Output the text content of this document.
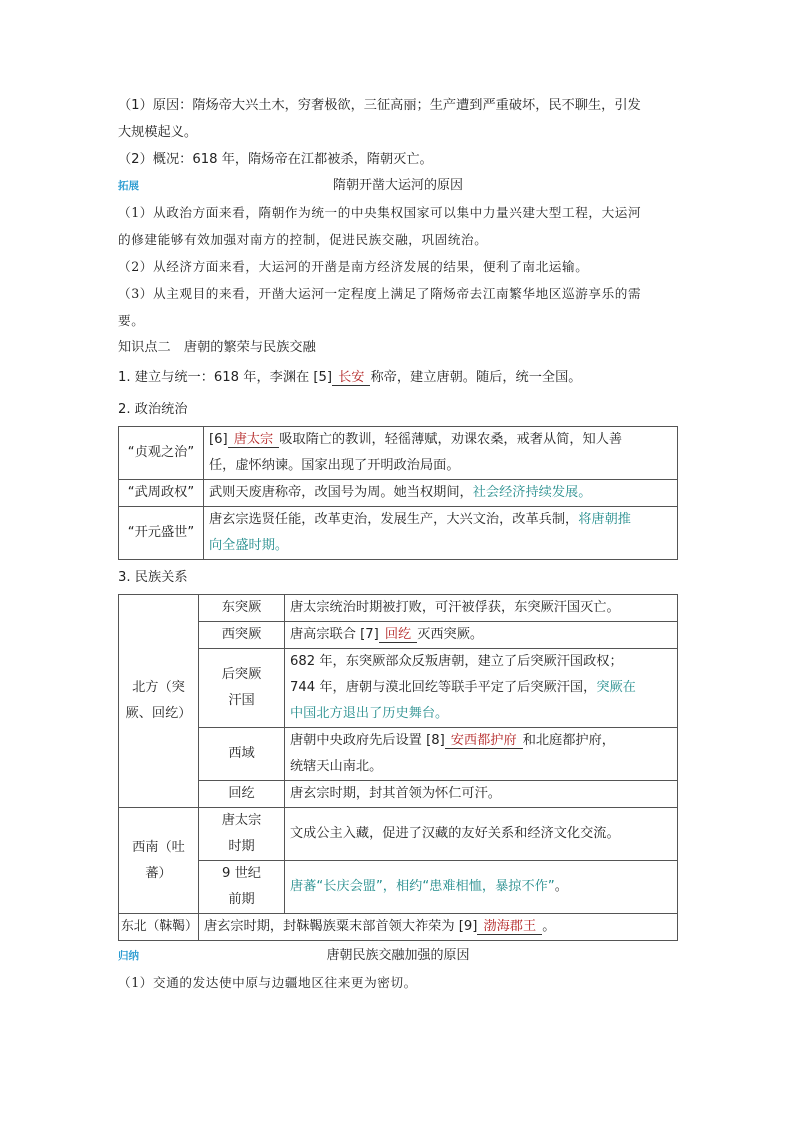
（1）原因：隋炀帝大兴土木，穷奢极欲，三征高丽；生产遭到严重破坏，民不聊生，引发

大规模起义。

（2）概况：618 年，隋炀帝在江都被杀，隋朝灭亡。

拓展	隋朝开凿大运河的原因

（1）从政治方面来看，隋朝作为统一的中央集权国家可以集中力量兴建大型工程，大运河

的修建能够有效加强对南方的控制，促进民族交融，巩固统治。

（2）从经济方面来看，大运河的开凿是南方经济发展的结果，便利了南北运输。

（3）从主观目的来看，开凿大运河一定程度上满足了隋炀帝去江南繁华地区巡游享乐的需

要。

知识点二　唐朝的繁荣与民族交融

1. 建立与统一：618 年，李渊在 [5] 长安 称帝，建立唐朝。随后，统一全国。

2. 政治统治

“贞观之治”	[6] 唐太宗 吸取隋亡的教训，轻徭薄赋，劝课农桑，戒奢从简，知人善
任，虚怀纳谏。国家出现了开明政治局面。
“武周政权”	武则天废唐称帝，改国号为周。她当权期间，社会经济持续发展。
“开元盛世”	唐玄宗选贤任能，改革吏治，发展生产，大兴文治，改革兵制，将唐朝推
向全盛时期。

3. 民族关系

北方（突
厥、回纥）	东突厥	唐太宗统治时期被打败，可汗被俘获，东突厥汗国灭亡。
	西突厥	唐高宗联合 [7] 回纥 灭西突厥。
	后突厥
汗国	682 年，东突厥部众反叛唐朝，建立了后突厥汗国政权；
744 年，唐朝与漠北回纥等联手平定了后突厥汗国，突厥在
中国北方退出了历史舞台。
	西域	唐朝中央政府先后设置 [8] 安西都护府 和北庭都护府，
统辖天山南北。
	回纥	唐玄宗时期，封其首领为怀仁可汗。
西南（吐
蕃）	唐太宗
时期	文成公主入藏，促进了汉藏的友好关系和经济文化交流。
	9 世纪
前期	唐蕃“长庆会盟”，相约“患难相恤，暴掠不作”。
东北（靺鞨）	唐玄宗时期，封靺鞨族粟末部首领大祚荣为 [9] 渤海郡王 。	
归纳	唐朝民族交融加强的原因

（1）交通的发达使中原与边疆地区往来更为密切。
